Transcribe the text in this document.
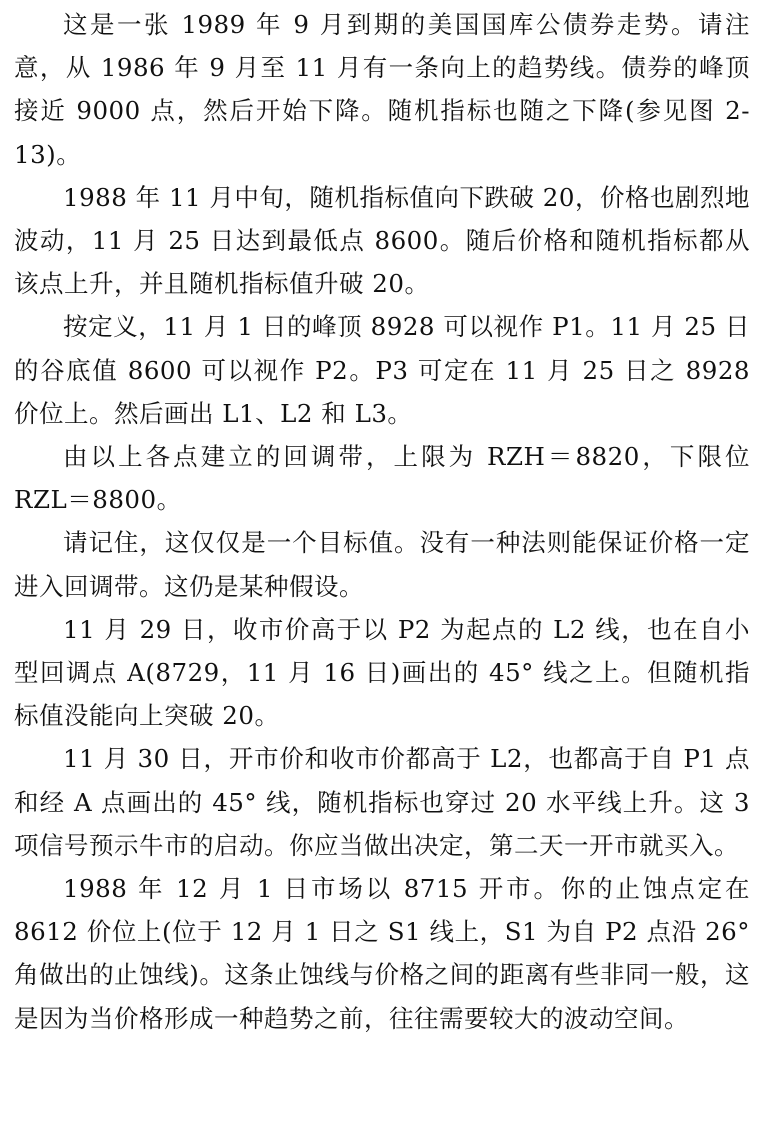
这是一张 1989 年 9 月到期的美国国库公债券走势。请注意，从 1986 年 9 月至 11 月有一条向上的趋势线。债券的峰顶接近 9000 点，然后开始下降。随机指标也随之下降(参见图 2-13)。

1988 年 11 月中旬，随机指标值向下跌破 20，价格也剧烈地波动，11 月 25 日达到最低点 8600。随后价格和随机指标都从该点上升，并且随机指标值升破 20。

按定义，11 月 1 日的峰顶 8928 可以视作 P1。11 月 25 日的谷底值 8600 可以视作 P2。P3 可定在 11 月 25 日之 8928 价位上。然后画出 L1、L2 和 L3。

由以上各点建立的回调带，上限为 RZH＝8820，下限位 RZL＝8800。

请记住，这仅仅是一个目标值。没有一种法则能保证价格一定进入回调带。这仍是某种假设。

11 月 29 日，收市价高于以 P2 为起点的 L2 线，也在自小型回调点 A(8729，11 月 16 日)画出的 45° 线之上。但随机指标值没能向上突破 20。

11 月 30 日，开市价和收市价都高于 L2，也都高于自 P1 点和经 A 点画出的 45° 线，随机指标也穿过 20 水平线上升。这 3 项信号预示牛市的启动。你应当做出决定，第二天一开市就买入。

1988 年 12 月 1 日市场以 8715 开市。你的止蚀点定在 8612 价位上(位于 12 月 1 日之 S1 线上，S1 为自 P2 点沿 26° 角做出的止蚀线)。这条止蚀线与价格之间的距离有些非同一般，这是因为当价格形成一种趋势之前，往往需要较大的波动空间。
